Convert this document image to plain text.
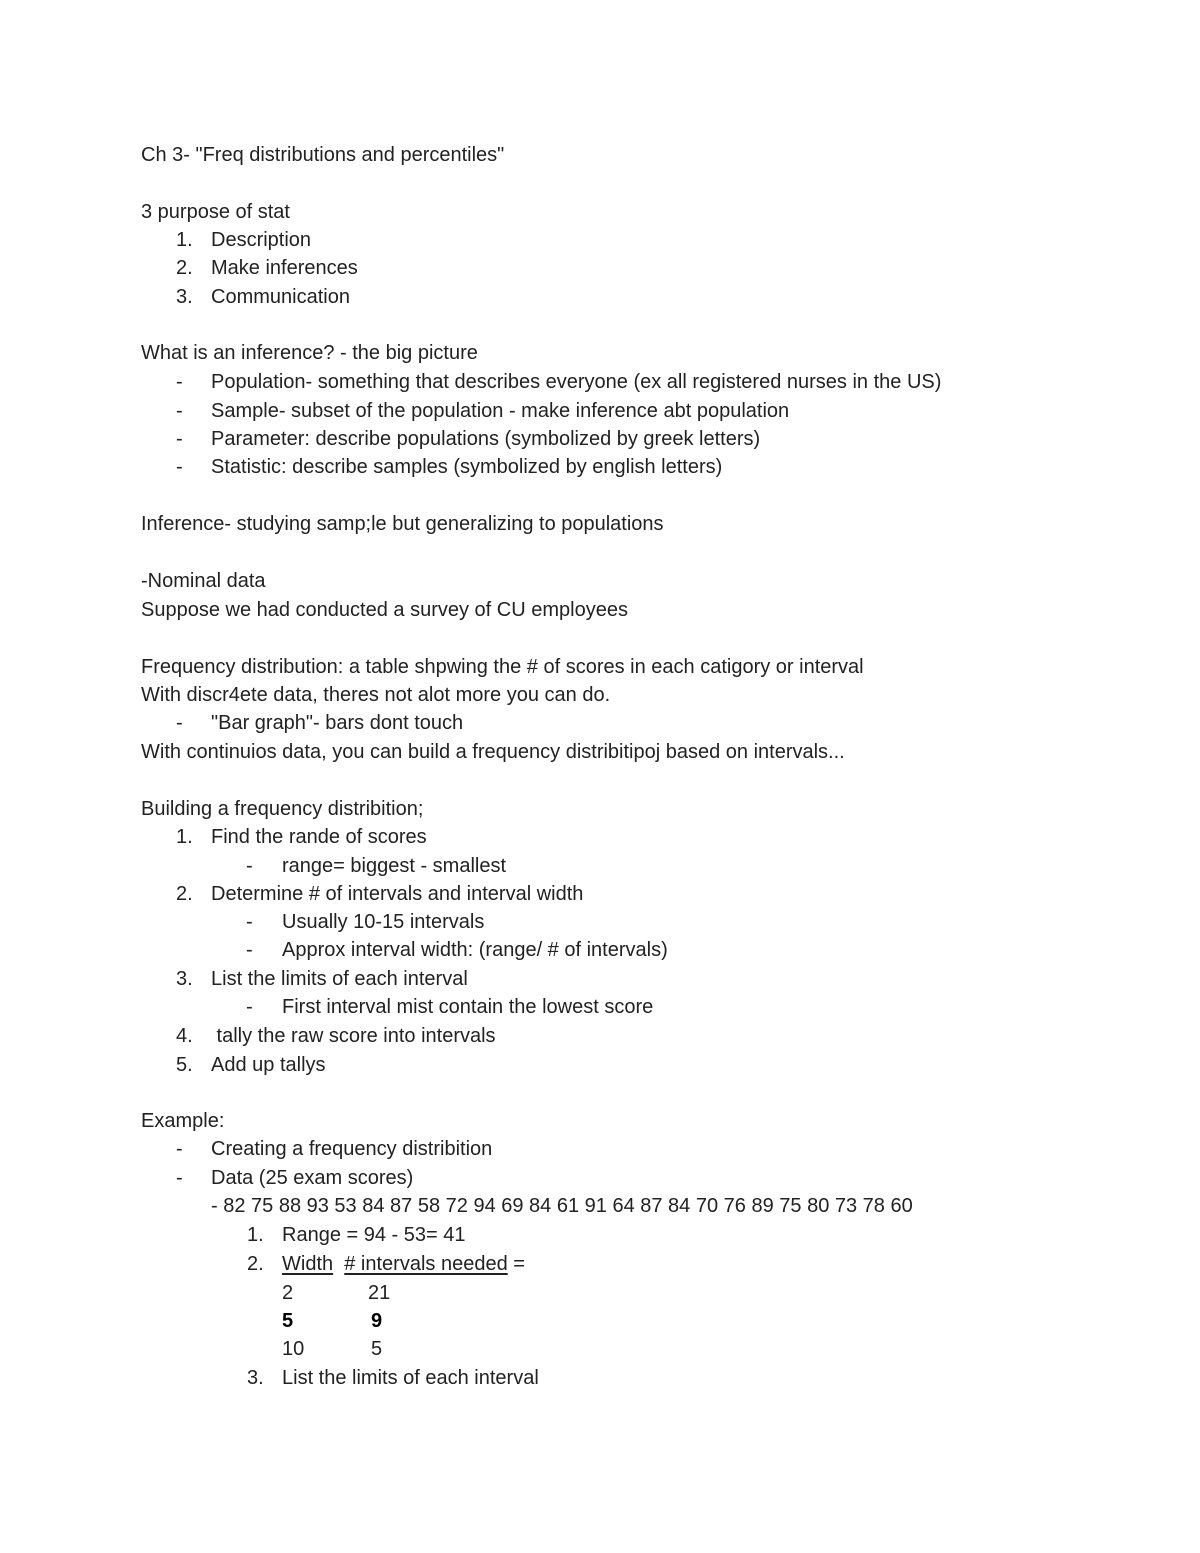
Ch 3- "Freq distributions and percentiles"
3 purpose of stat
1. Description
2. Make inferences
3. Communication
What is an inference? - the big picture
- Population- something that describes everyone (ex all registered nurses in the US)
- Sample- subset of the population - make inference abt population
- Parameter: describe populations (symbolized by greek letters)
- Statistic: describe samples (symbolized by english letters)
Inference- studying samp;le but generalizing to populations
-Nominal data
Suppose we had conducted a survey of CU employees
Frequency distribution: a table shpwing the # of scores in each catigory or interval
With discr4ete data, theres not alot more you can do.
- "Bar graph"- bars dont touch
With continuios data, you can build a frequency distribitipoj based on intervals...
Building a frequency distribition;
1. Find the rande of scores
- range= biggest - smallest
2. Determine # of intervals and interval width
- Usually 10-15 intervals
- Approx interval width: (range/ # of intervals)
3. List the limits of each interval
- First interval mist contain the lowest score
4. tally the raw score into intervals
5. Add up tallys
Example:
- Creating a frequency distribition
- Data (25 exam scores)
- 82 75 88 93 53 84 87 58 72 94 69 84 61 91 64 87 84 70 76 89 75 80 73 78 60
1. Range = 94 - 53= 41
2. Width # intervals needed =
2	21
5	9
10	5
3. List the limits of each interval
